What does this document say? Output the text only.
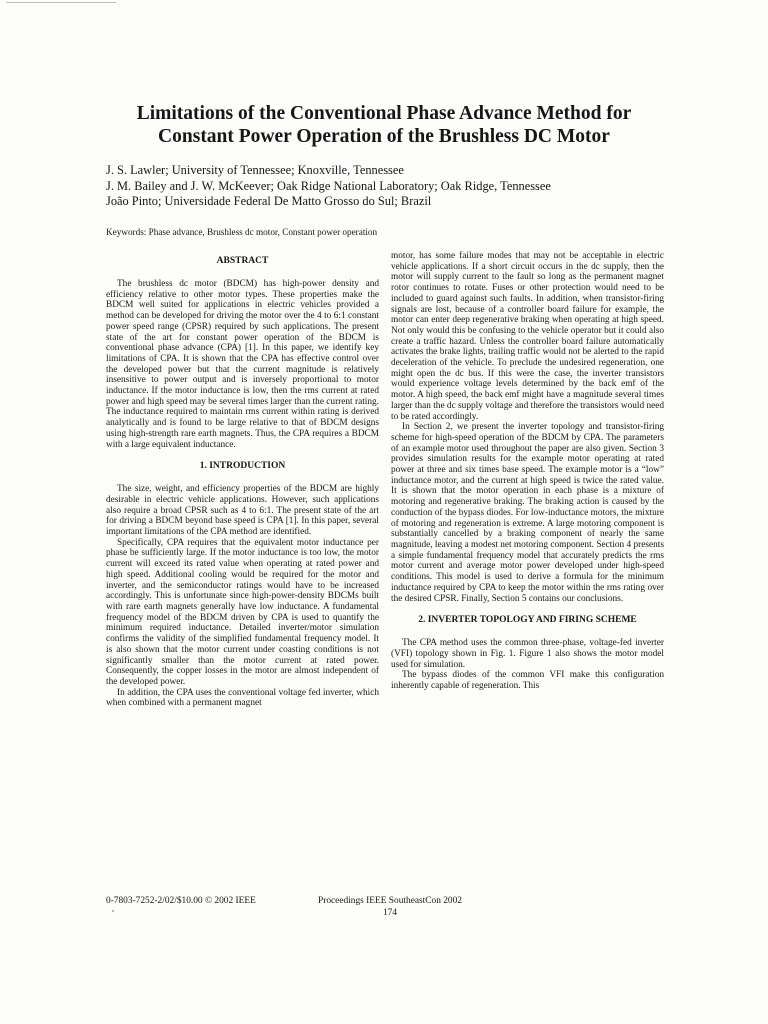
Limitations of the Conventional Phase Advance Method for
Constant Power Operation of the Brushless DC Motor
J. S. Lawler; University of Tennessee; Knoxville, Tennessee
J. M. Bailey and J. W. McKeever; Oak Ridge National Laboratory; Oak Ridge, Tennessee
João Pinto; Universidade Federal De Matto Grosso do Sul; Brazil
Keywords: Phase advance, Brushless dc motor, Constant power operation
ABSTRACT

The brushless dc motor (BDCM) has high-power density and efficiency relative to other motor types. These properties make the BDCM well suited for applications in electric vehicles provided a method can be developed for driving the motor over the 4 to 6:1 constant power speed range (CPSR) required by such applications. The present state of the art for constant power operation of the BDCM is conventional phase advance (CPA) [1]. In this paper, we identify key limitations of CPA. It is shown that the CPA has effective control over the developed power but that the current magnitude is relatively insensitive to power output and is inversely proportional to motor inductance. If the motor inductance is low, then the rms current at rated power and high speed may be several times larger than the current rating. The inductance required to maintain rms current within rating is derived analytically and is found to be large relative to that of BDCM designs using high-strength rare earth magnets. Thus, the CPA requires a BDCM with a large equivalent inductance.

1. INTRODUCTION

The size, weight, and efficiency properties of the BDCM are highly desirable in electric vehicle applications. However, such applications also require a broad CPSR such as 4 to 6:1. The present state of the art for driving a BDCM beyond base speed is CPA [1]. In this paper, several important limitations of the CPA method are identified.

Specifically, CPA requires that the equivalent motor inductance per phase be sufficiently large. If the motor inductance is too low, the motor current will exceed its rated value when operating at rated power and high speed. Additional cooling would be required for the motor and inverter, and the semiconductor ratings would have to be increased accordingly. This is unfortunate since high-power-density BDCMs built with rare earth magnets generally have low inductance. A fundamental frequency model of the BDCM driven by CPA is used to quantify the minimum required inductance. Detailed inverter/motor simulation confirms the validity of the simplified fundamental frequency model. It is also shown that the motor current under coasting conditions is not significantly smaller than the motor current at rated power. Consequently, the copper losses in the motor are almost independent of the developed power.

In addition, the CPA uses the conventional voltage fed inverter, which when combined with a permanent magnet

motor, has some failure modes that may not be acceptable in electric vehicle applications. If a short circuit occurs in the dc supply, then the motor will supply current to the fault so long as the permanent magnet rotor continues to rotate. Fuses or other protection would need to be included to guard against such faults. In addition, when transistor-firing signals are lost, because of a controller board failure for example, the motor can enter deep regenerative braking when operating at high speed. Not only would this be confusing to the vehicle operator but it could also create a traffic hazard. Unless the controller board failure automatically activates the brake lights, trailing traffic would not be alerted to the rapid deceleration of the vehicle. To preclude the undesired regeneration, one might open the dc bus. If this were the case, the inverter transistors would experience voltage levels determined by the back emf of the motor. A high speed, the back emf might have a magnitude several times larger than the dc supply voltage and therefore the transistors would need to be rated accordingly.

In Section 2, we present the inverter topology and transistor-firing scheme for high-speed operation of the BDCM by CPA. The parameters of an example motor used throughout the paper are also given. Section 3 provides simulation results for the example motor operating at rated power at three and six times base speed. The example motor is a “low” inductance motor, and the current at high speed is twice the rated value. It is shown that the motor operation in each phase is a mixture of motoring and regenerative braking. The braking action is caused by the conduction of the bypass diodes. For low-inductance motors, the mixture of motoring and regeneration is extreme. A large motoring component is substantially cancelled by a braking component of nearly the same magnitude, leaving a modest net motoring component. Section 4 presents a simple fundamental frequency model that accurately predicts the rms motor current and average motor power developed under high-speed conditions. This model is used to derive a formula for the minimum inductance required by CPA to keep the motor within the rms rating over the desired CPSR. Finally, Section 5 contains our conclusions.

2. INVERTER TOPOLOGY AND FIRING SCHEME

The CPA method uses the common three-phase, voltage-fed inverter (VFI) topology shown in Fig. 1. Figure 1 also shows the motor model used for simulation.

The bypass diodes of the common VFI make this configuration inherently capable of regeneration. This

0-7803-7252-2/02/$10.00 © 2002 IEEE	Proceedings IEEE SoutheastCon 2002
174
